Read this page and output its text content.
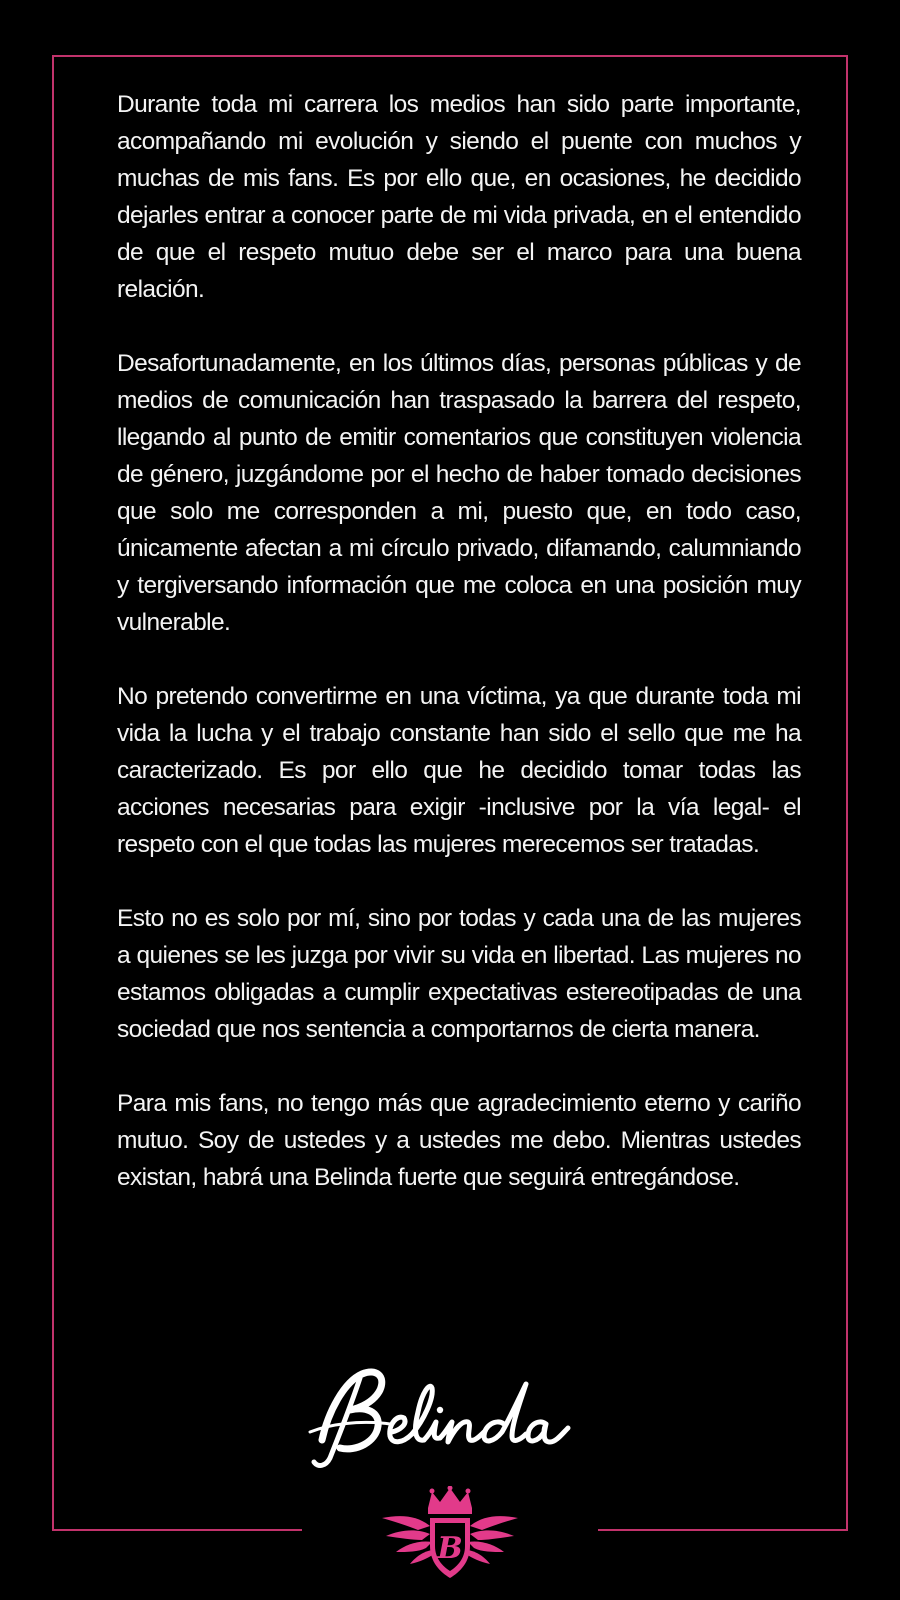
Durante toda mi carrera los medios han sido parte importante, acompañando mi evolución y siendo el puente con muchos y muchas de mis fans. Es por ello que, en ocasiones, he decidido dejarles entrar a conocer parte de mi vida privada, en el entendido de que el respeto mutuo debe ser el marco para una buena relación.

Desafortunadamente, en los últimos días, personas públicas y de medios de comunicación han traspasado la barrera del respeto, llegando al punto de emitir comentarios que constituyen violencia de género, juzgándome por el hecho de haber tomado decisiones que solo me corresponden a mi, puesto que, en todo caso, únicamente afectan a mi círculo privado, difamando, calumniando y tergiversando información que me coloca en una posición muy vulnerable.

No pretendo convertirme en una víctima, ya que durante toda mi vida la lucha y el trabajo constante han sido el sello que me ha caracterizado. Es por ello que he decidido tomar todas las acciones necesarias para exigir -inclusive por la vía legal- el respeto con el que todas las mujeres merecemos ser tratadas.

Esto no es solo por mí, sino por todas y cada una de las mujeres a quienes se les juzga por vivir su vida en libertad. Las mujeres no estamos obligadas a cumplir expectativas estereotipadas de una sociedad que nos sentencia a comportarnos de cierta manera.

Para mis fans, no tengo más que agradecimiento eterno y cariño mutuo. Soy de ustedes y a ustedes me debo. Mientras ustedes existan, habrá una Belinda fuerte que seguirá entregándose.

B
